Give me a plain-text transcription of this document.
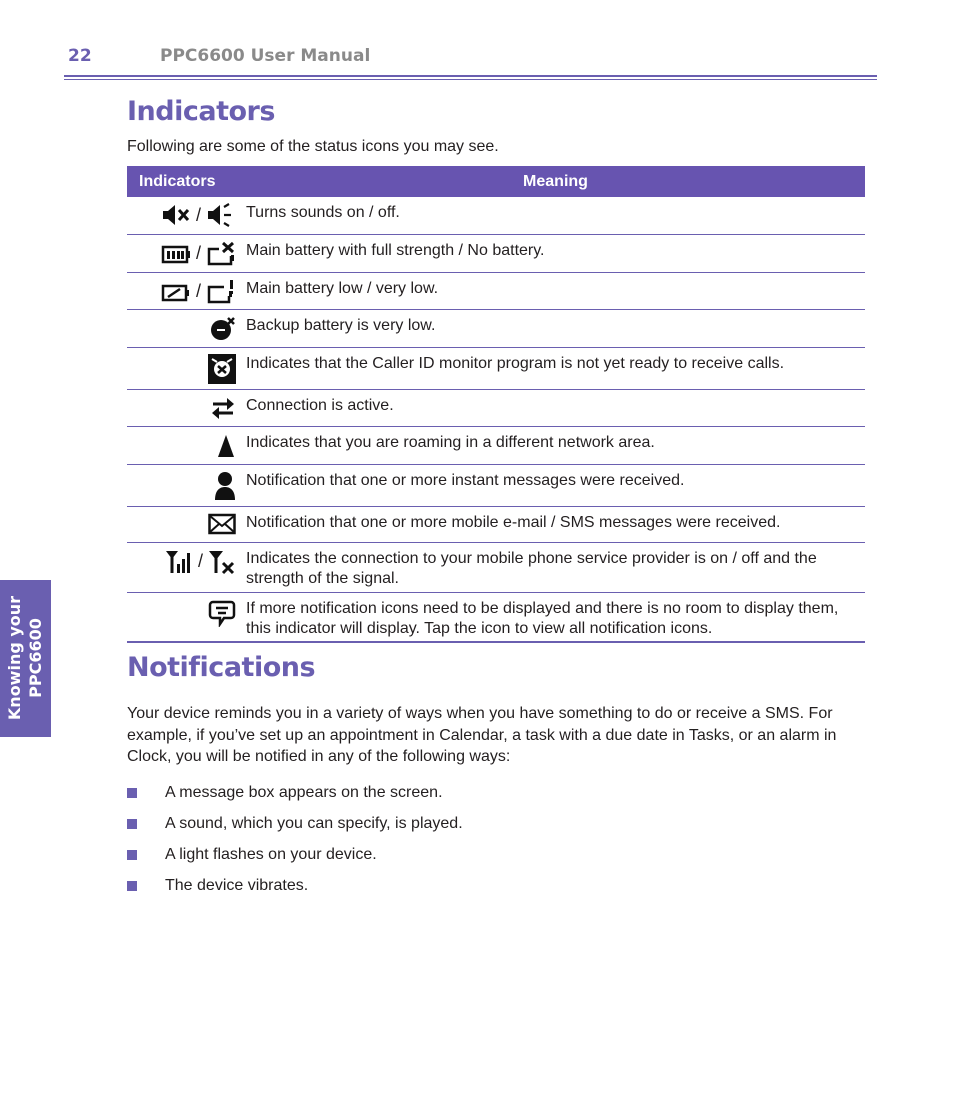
22	PPC6600 User Manual
Knowing your PPC6600
Indicators

Following are some of the status icons you may see.

Indicators	Meaning

/	Turns sounds on / off.

/	Main battery with full strength / No battery.

/	Main battery low / very low.

	Backup battery is very low.

	Indicates that the Caller ID monitor program is not yet ready to receive calls.

	Connection is active.

	Indicates that you are roaming in a different network area.

	Notification that one or more instant messages were received.

	Notification that one or more mobile e-mail / SMS messages were received.

/	Indicates the connection to your mobile phone service provider is on / off and the strength of the signal.

	If more notification icons need to be displayed and there is no room to display them, this indicator will display. Tap the icon to view all notification icons.
Notifications

Your device reminds you in a variety of ways when you have something to do or receive a SMS. For example, if you’ve set up an appointment in Calendar, a task with a due date in Tasks, or an alarm in Clock, you will be notified in any of the following ways:

A message box appears on the screen.
A sound, which you can specify, is played.
A light flashes on your device.
The device vibrates.
